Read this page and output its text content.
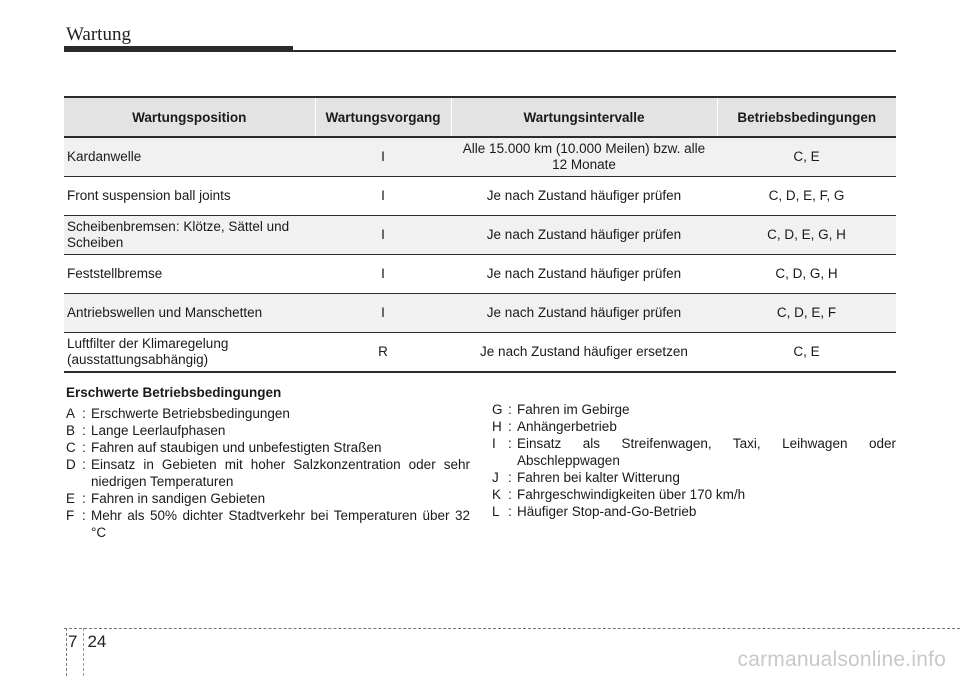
Wartung
Wartungsposition	Wartungsvorgang	Wartungsintervalle	Betriebsbedingungen
Kardanwelle	I	Alle 15.000 km (10.000 Meilen) bzw. alle 12 Monate	C, E
Front suspension ball joints	I	Je nach Zustand häufiger prüfen	C, D, E, F, G
Scheibenbremsen: Klötze, Sättel und Scheiben	I	Je nach Zustand häufiger prüfen	C, D, E, G, H
Feststellbremse	I	Je nach Zustand häufiger prüfen	C, D, G, H
Antriebswellen und Manschetten	I	Je nach Zustand häufiger prüfen	C, D, E, F
Luftfilter der Klimaregelung (ausstattungsabhängig)	R	Je nach Zustand häufiger ersetzen	C, E
Erschwerte Betriebsbedingungen
A : Erschwerte Betriebsbedingungen
B : Lange Leerlaufphasen
C : Fahren auf staubigen und unbefestigten Straßen
D : Einsatz in Gebieten mit hoher Salzkonzentration oder sehr niedrigen Temperaturen
E : Fahren in sandigen Gebieten
F : Mehr als 50% dichter Stadtverkehr bei Temperaturen über 32 °C
G : Fahren im Gebirge
H : Anhängerbetrieb
I : Einsatz als Streifenwagen, Taxi, Leihwagen oder Abschleppwagen
J : Fahren bei kalter Witterung
K : Fahrgeschwindigkeiten über 170 km/h
L : Häufiger Stop-and-Go-Betrieb
7 24
carmanualsonline.info
